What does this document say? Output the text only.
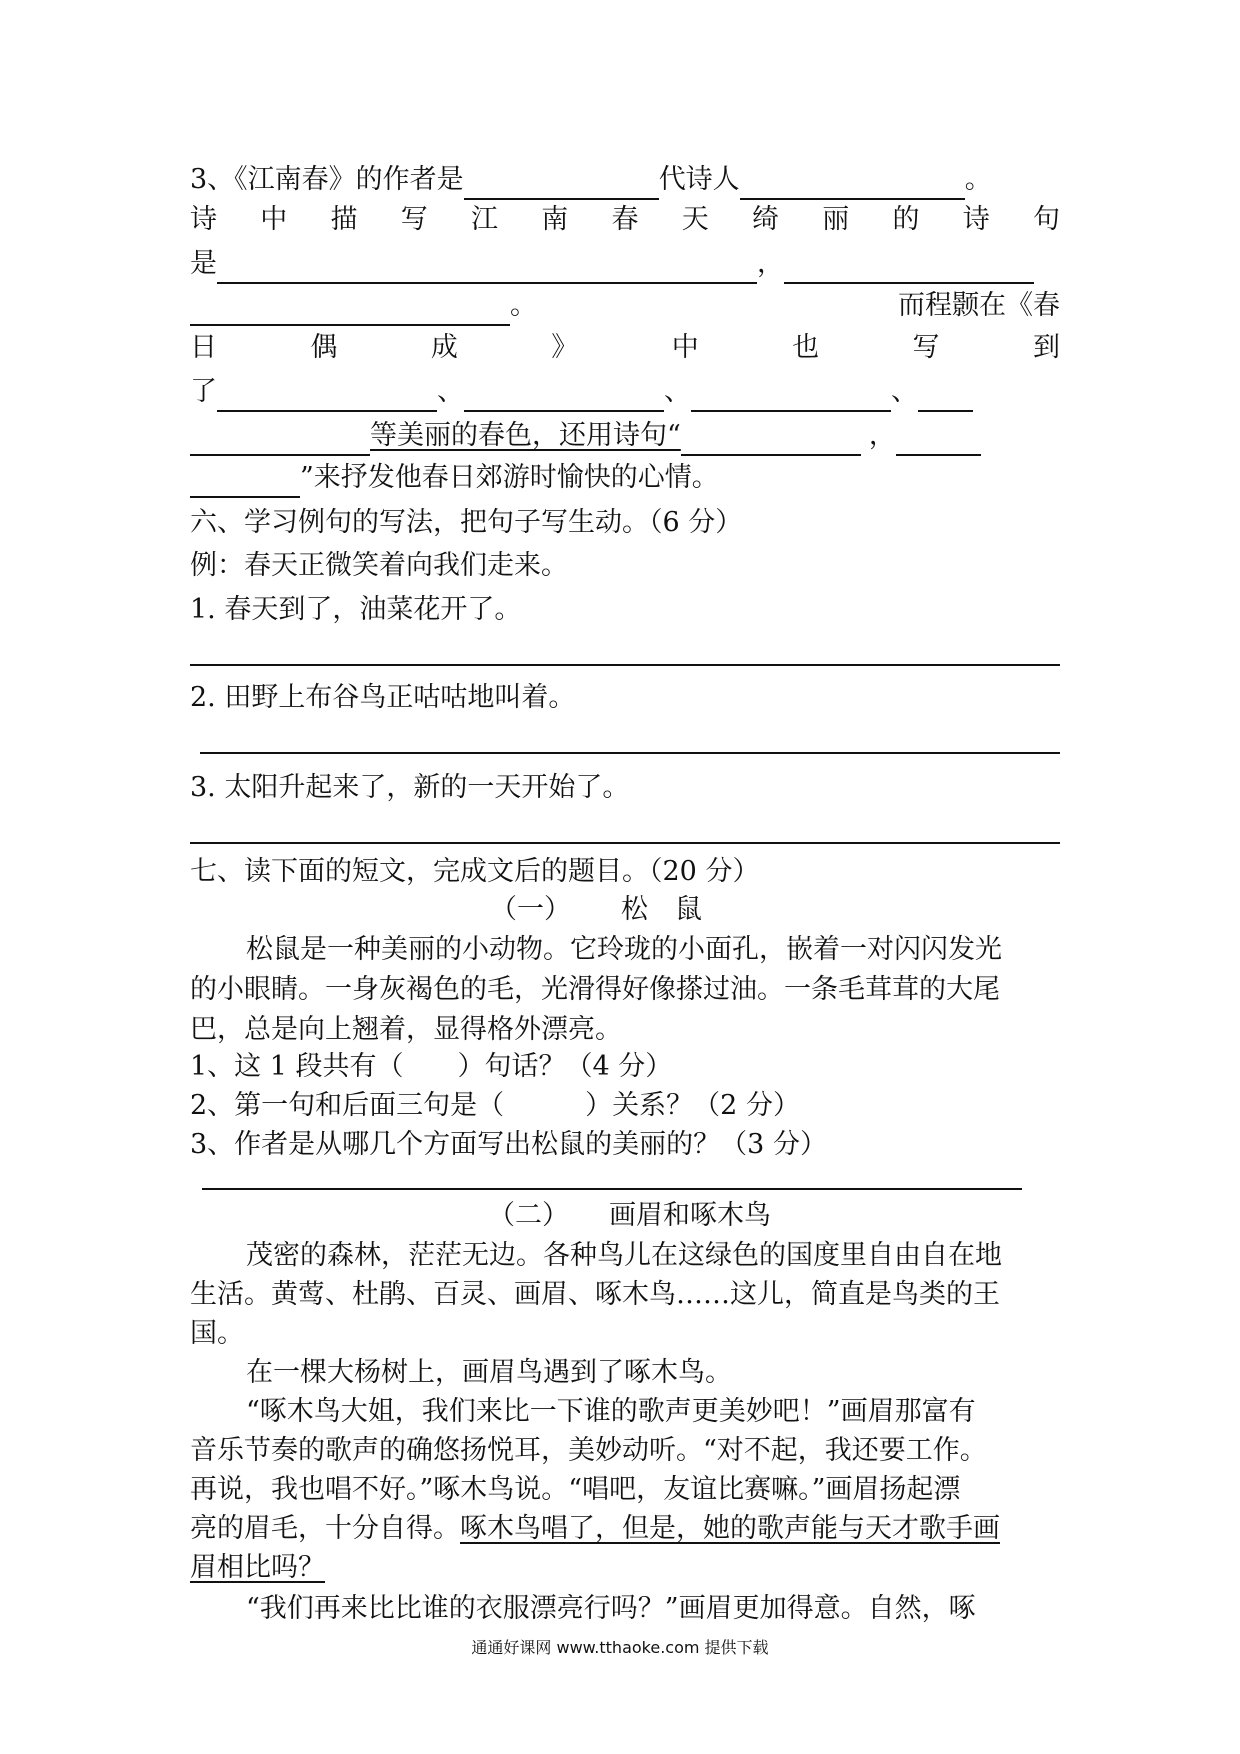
3、《江南春》的作者是	代诗人	。
诗 中 描 写 江 南 春 天 绮 丽 的 诗 句
是	，
。	而程颢在《春
日	偶	成	》	中	也	写	到
了	、	、	、
等美丽的春色，还用诗句“	，
”来抒发他春日郊游时愉快的心情。
六、学习例句的写法，把句子写生动。（6 分）
例：春天正微笑着向我们走来。
1. 春天到了，油菜花开了。
2. 田野上布谷鸟正咕咕地叫着。
3. 太阳升起来了，新的一天开始了。
七、读下面的短文，完成文后的题目。（20 分）
（一） 松　鼠
松鼠是一种美丽的小动物。它玲珑的小面孔，嵌着一对闪闪发光
的小眼睛。一身灰褐色的毛，光滑得好像搽过油。一条毛茸茸的大尾
巴，总是向上翘着，显得格外漂亮。
1、这 1 段共有（　　）句话？（4 分）
2、第一句和后面三句是（　　　）关系？（2 分）
3、作者是从哪几个方面写出松鼠的美丽的？（3 分）
（二） 画眉和啄木鸟
茂密的森林，茫茫无边。各种鸟儿在这绿色的国度里自由自在地
生活。黄莺、杜鹃、百灵、画眉、啄木鸟……这儿，简直是鸟类的王
国。
在一棵大杨树上，画眉鸟遇到了啄木鸟。
“啄木鸟大姐，我们来比一下谁的歌声更美妙吧！”画眉那富有
音乐节奏的歌声的确悠扬悦耳，美妙动听。“对不起，我还要工作。
再说，我也唱不好。”啄木鸟说。“唱吧，友谊比赛嘛。”画眉扬起漂
亮的眉毛，十分自得。啄木鸟唱了，但是，她的歌声能与天才歌手画
眉相比吗？
“我们再来比比谁的衣服漂亮行吗？”画眉更加得意。自然，啄
通通好课网 www.tthaoke.com 提供下载
